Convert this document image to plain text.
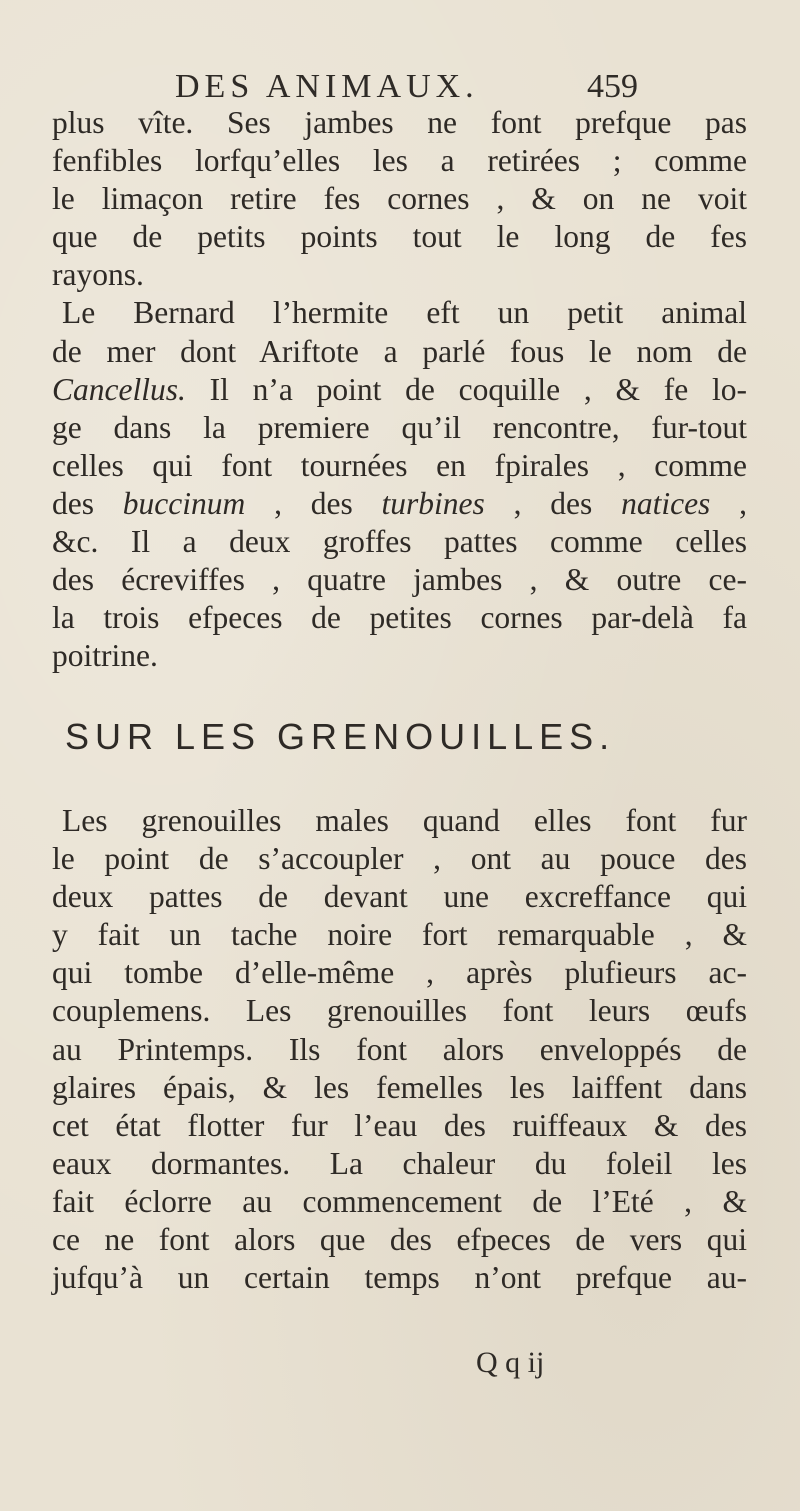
DES ANIMAUX.	459
plus vîte. Ses jambes ne font prefque pas
fenfibles lorfqu’elles les a retirées ; comme
le limaçon retire fes cornes , & on ne voit
que de petits points tout le long de fes
rayons.
Le Bernard l’hermite eft un petit animal
de mer dont Ariftote a parlé fous le nom de
Cancellus. Il n’a point de coquille , & fe lo-
ge dans la premiere qu’il rencontre, fur-tout
celles qui font tournées en fpirales , comme
des buccinum , des turbines , des natices ,
&c. Il a deux groffes pattes comme celles
des écreviffes , quatre jambes , & outre ce-
la trois efpeces de petites cornes par-delà fa
poitrine.
SUR LES GRENOUILLES.
Les grenouilles males quand elles font fur
le point de s’accoupler , ont au pouce des
deux pattes de devant une excreffance qui
y fait un tache noire fort remarquable , &
qui tombe d’elle-même , après plufieurs ac-
couplemens. Les grenouilles font leurs œufs
au Printemps. Ils font alors enveloppés de
glaires épais, & les femelles les laiffent dans
cet état flotter fur l’eau des ruiffeaux & des
eaux dormantes. La chaleur du foleil les
fait éclorre au commencement de l’Eté , &
ce ne font alors que des efpeces de vers qui
jufqu’à un certain temps n’ont prefque au-
Q q ij
